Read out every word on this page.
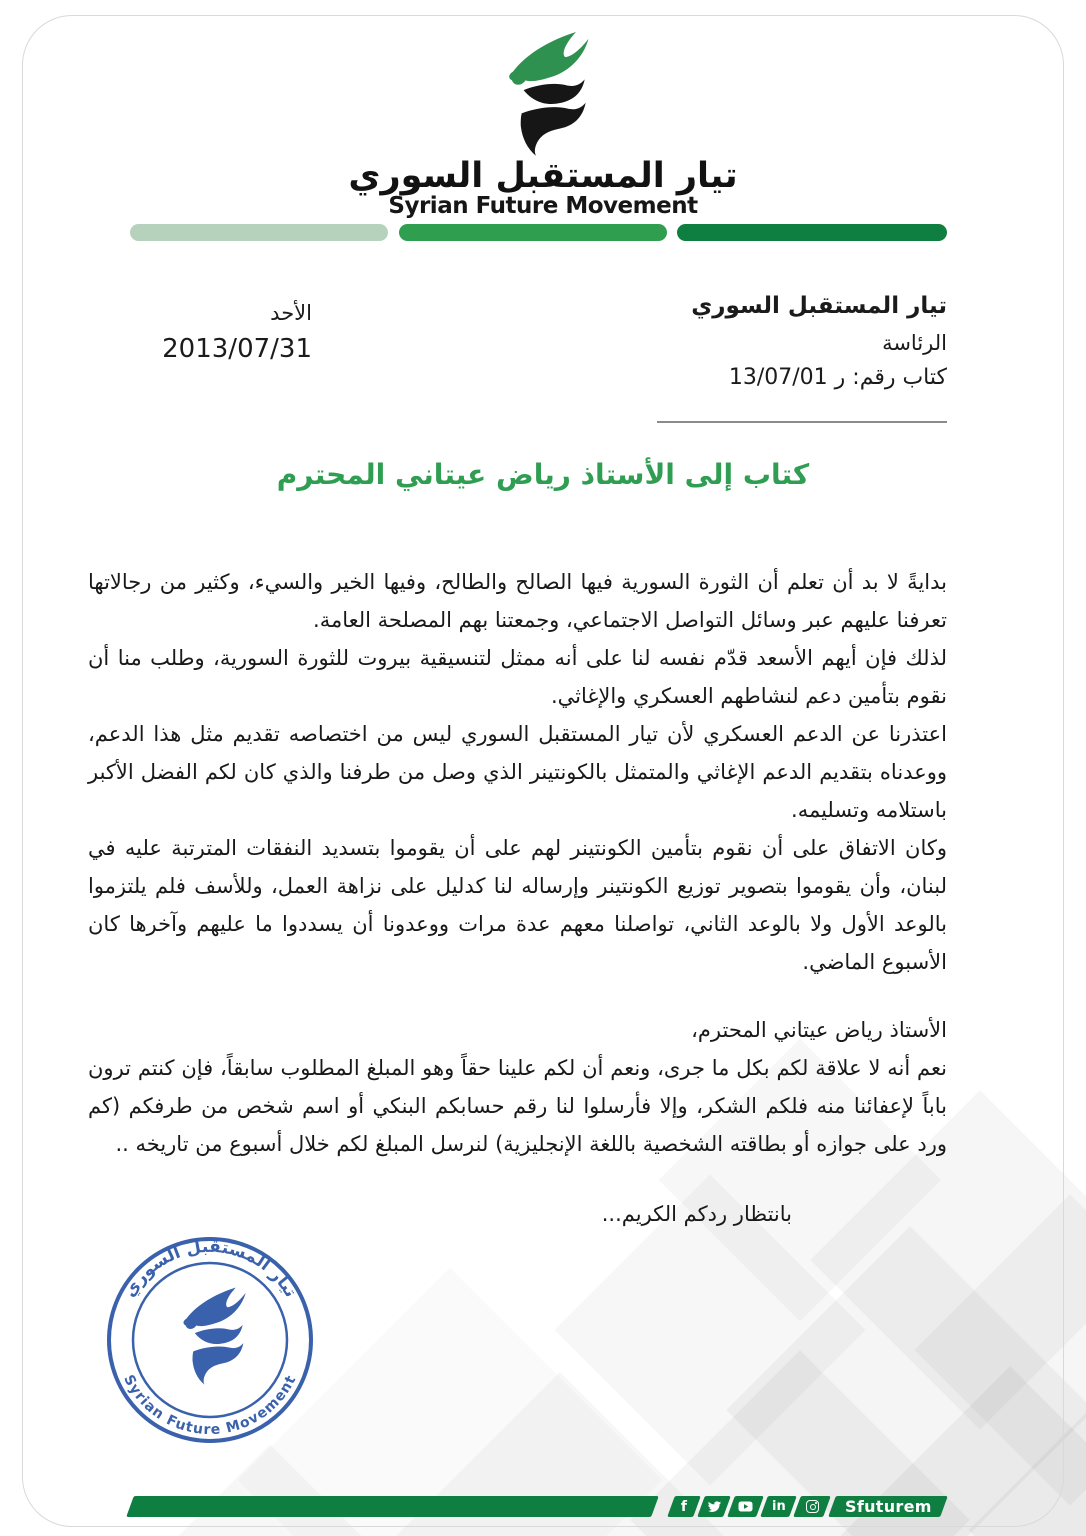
تيار المستقبل السوري
Syrian Future Movement
تيار المستقبل السوري
الرئاسة
كتاب رقم: ر 13/07/01
الأحد
2013/07/31
كتاب إلى الأستاذ رياض عيتاني المحترم

بدايةً لا بد أن تعلم أن الثورة السورية فيها الصالح والطالح، وفيها الخير والسيء، وكثير من رجالاتها تعرفنا عليهم عبر وسائل التواصل الاجتماعي، وجمعتنا بهم المصلحة العامة.

لذلك فإن أيهم الأسعد قدّم نفسه لنا على أنه ممثل لتنسيقية بيروت للثورة السورية، وطلب منا أن نقوم بتأمين دعم لنشاطهم العسكري والإغاثي.

اعتذرنا عن الدعم العسكري لأن تيار المستقبل السوري ليس من اختصاصه تقديم مثل هذا الدعم، ووعدناه بتقديم الدعم الإغاثي والمتمثل بالكونتينر الذي وصل من طرفنا والذي كان لكم الفضل الأكبر باستلامه وتسليمه.

وكان الاتفاق على أن نقوم بتأمين الكونتينر لهم على أن يقوموا بتسديد النفقات المترتبة عليه في لبنان، وأن يقوموا بتصوير توزيع الكونتينر وإرساله لنا كدليل على نزاهة العمل، وللأسف فلم يلتزموا بالوعد الأول ولا بالوعد الثاني، تواصلنا معهم عدة مرات ووعدونا أن يسددوا ما عليهم وآخرها كان الأسبوع الماضي.

الأستاذ رياض عيتاني المحترم،

نعم أنه لا علاقة لكم بكل ما جرى، ونعم أن لكم علينا حقاً وهو المبلغ المطلوب سابقاً، فإن كنتم ترون باباً لإعفائنا منه فلكم الشكر، وإلا فأرسلوا لنا رقم حسابكم البنكي أو اسم شخص من طرفكم (كم ورد على جوازه أو بطاقته الشخصية باللغة الإنجليزية) لنرسل المبلغ لكم خلال أسبوع من تاريخه ..

بانتظار ردكم الكريم...

تيار المستقبل السوري
Syrian Future Movement
f	in	Sfuturem
